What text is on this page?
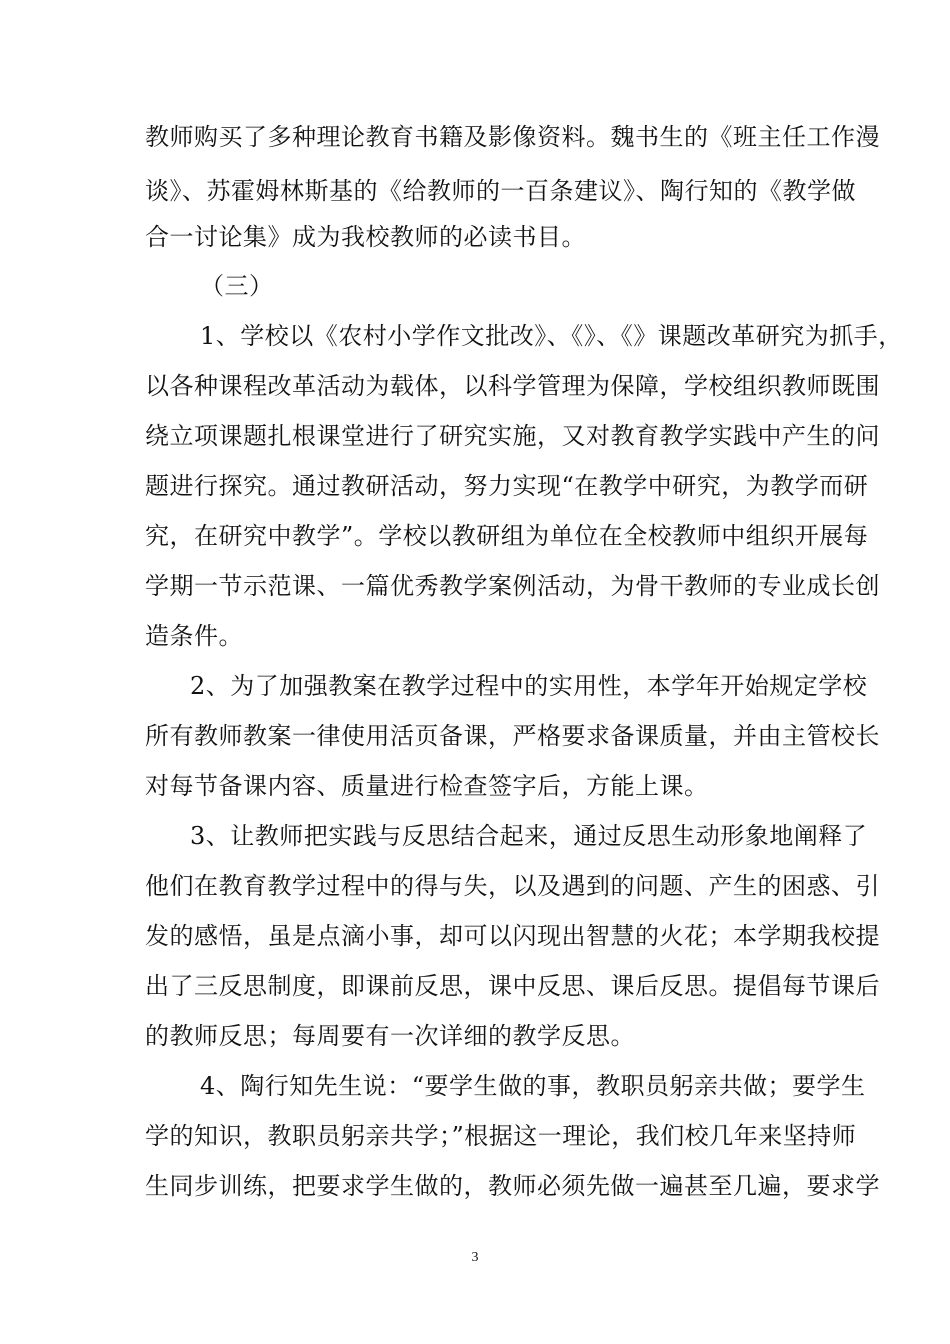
教师购买了多种理论教育书籍及影像资料。魏书生的《班主任工作漫
谈》、苏霍姆林斯基的《给教师的一百条建议》、陶行知的《教学做
合一讨论集》成为我校教师的必读书目。
（三）
1、学校以《农村小学作文批改》、《》、《》课题改革研究为抓手，
以各种课程改革活动为载体，以科学管理为保障，学校组织教师既围
绕立项课题扎根课堂进行了研究实施，又对教育教学实践中产生的问
题进行探究。通过教研活动，努力实现“在教学中研究，为教学而研
究，在研究中教学”。学校以教研组为单位在全校教师中组织开展每
学期一节示范课、一篇优秀教学案例活动，为骨干教师的专业成长创
造条件。
2、为了加强教案在教学过程中的实用性，本学年开始规定学校
所有教师教案一律使用活页备课，严格要求备课质量，并由主管校长
对每节备课内容、质量进行检查签字后，方能上课。
3、让教师把实践与反思结合起来，通过反思生动形象地阐释了
他们在教育教学过程中的得与失，以及遇到的问题、产生的困惑、引
发的感悟，虽是点滴小事，却可以闪现出智慧的火花；本学期我校提
出了三反思制度，即课前反思，课中反思、课后反思。提倡每节课后
的教师反思；每周要有一次详细的教学反思。
4、陶行知先生说：“要学生做的事，教职员躬亲共做；要学生
学的知识，教职员躬亲共学；”根据这一理论，我们校几年来坚持师
生同步训练，把要求学生做的，教师必须先做一遍甚至几遍，要求学
3
